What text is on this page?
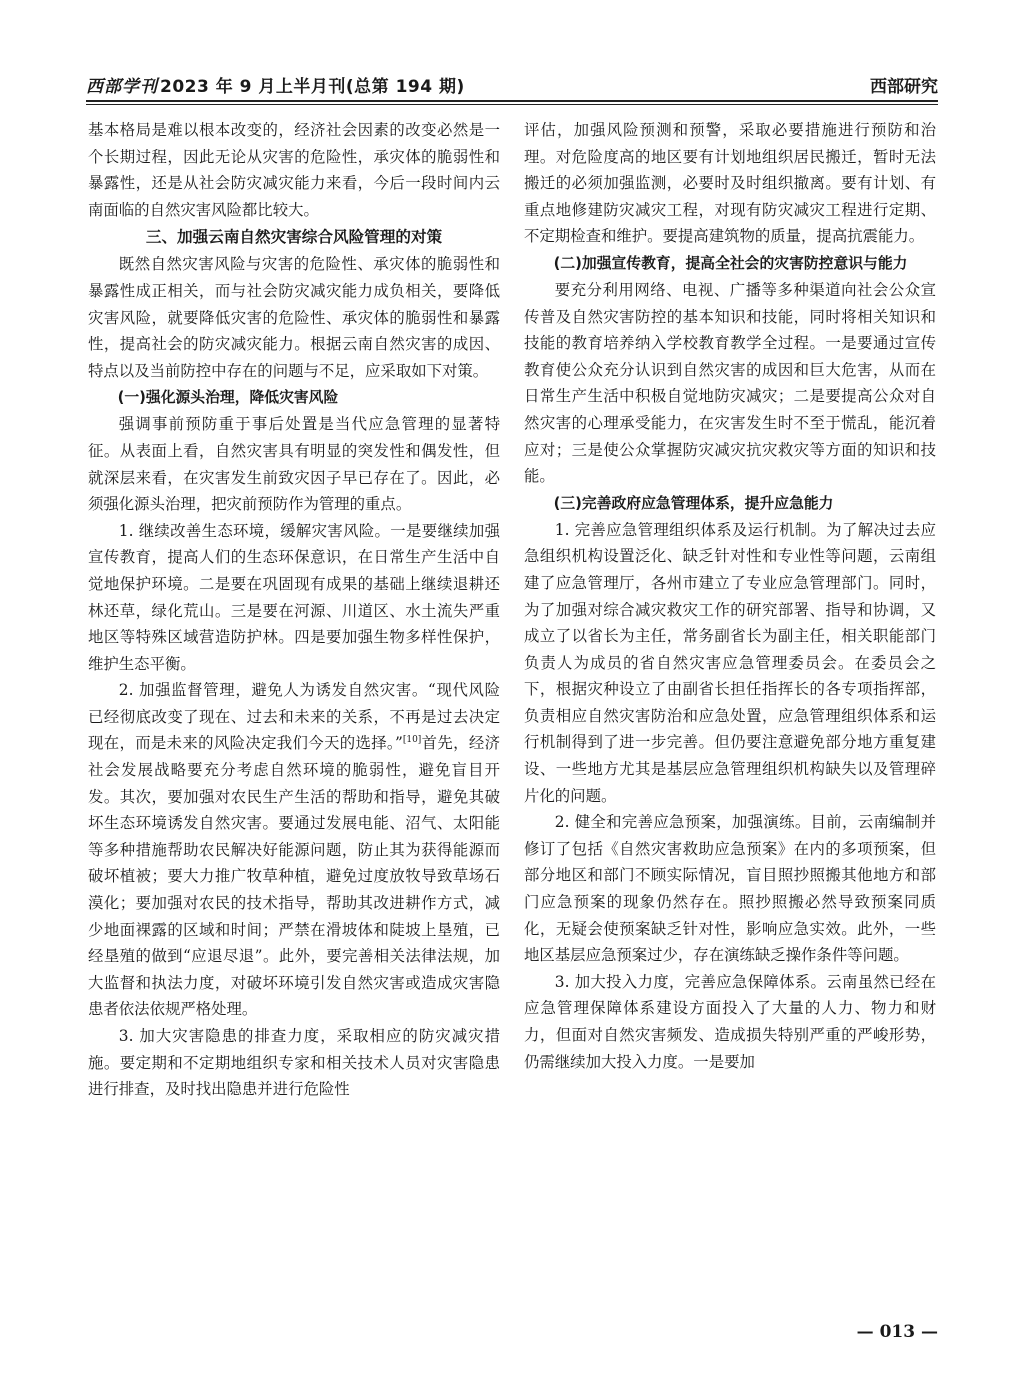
西部学刊 2023 年 9 月上半月刊(总第 194 期)	西部研究

基本格局是难以根本改变的，经济社会因素的改变必然是一个长期过程，因此无论从灾害的危险性，承灾体的脆弱性和暴露性，还是从社会防灾减灾能力来看，今后一段时间内云南面临的自然灾害风险都比较大。

三、加强云南自然灾害综合风险管理的对策

既然自然灾害风险与灾害的危险性、承灾体的脆弱性和暴露性成正相关，而与社会防灾减灾能力成负相关，要降低灾害风险，就要降低灾害的危险性、承灾体的脆弱性和暴露性，提高社会的防灾减灾能力。根据云南自然灾害的成因、特点以及当前防控中存在的问题与不足，应采取如下对策。

(一)强化源头治理，降低灾害风险

强调事前预防重于事后处置是当代应急管理的显著特征。从表面上看，自然灾害具有明显的突发性和偶发性，但就深层来看，在灾害发生前致灾因子早已存在了。因此，必须强化源头治理，把灾前预防作为管理的重点。

1. 继续改善生态环境，缓解灾害风险。一是要继续加强宣传教育，提高人们的生态环保意识，在日常生产生活中自觉地保护环境。二是要在巩固现有成果的基础上继续退耕还林还草，绿化荒山。三是要在河源、川道区、水土流失严重地区等特殊区域营造防护林。四是要加强生物多样性保护，维护生态平衡。

2. 加强监督管理，避免人为诱发自然灾害。“现代风险已经彻底改变了现在、过去和未来的关系，不再是过去决定现在，而是未来的风险决定我们今天的选择。”[10]首先，经济社会发展战略要充分考虑自然环境的脆弱性，避免盲目开发。其次，要加强对农民生产生活的帮助和指导，避免其破坏生态环境诱发自然灾害。要通过发展电能、沼气、太阳能等多种措施帮助农民解决好能源问题，防止其为获得能源而破坏植被；要大力推广牧草种植，避免过度放牧导致草场石漠化；要加强对农民的技术指导，帮助其改进耕作方式，减少地面裸露的区域和时间；严禁在滑坡体和陡坡上垦殖，已经垦殖的做到“应退尽退”。此外，要完善相关法律法规，加大监督和执法力度，对破坏环境引发自然灾害或造成灾害隐患者依法依规严格处理。

3. 加大灾害隐患的排查力度，采取相应的防灾减灾措施。要定期和不定期地组织专家和相关技术人员对灾害隐患进行排查，及时找出隐患并进行危险性

评估，加强风险预测和预警，采取必要措施进行预防和治理。对危险度高的地区要有计划地组织居民搬迁，暂时无法搬迁的必须加强监测，必要时及时组织撤离。要有计划、有重点地修建防灾减灾工程，对现有防灾减灾工程进行定期、不定期检查和维护。要提高建筑物的质量，提高抗震能力。

(二)加强宣传教育，提高全社会的灾害防控意识与能力

要充分利用网络、电视、广播等多种渠道向社会公众宣传普及自然灾害防控的基本知识和技能，同时将相关知识和技能的教育培养纳入学校教育教学全过程。一是要通过宣传教育使公众充分认识到自然灾害的成因和巨大危害，从而在日常生产生活中积极自觉地防灾减灾；二是要提高公众对自然灾害的心理承受能力，在灾害发生时不至于慌乱，能沉着应对；三是使公众掌握防灾减灾抗灾救灾等方面的知识和技能。

(三)完善政府应急管理体系，提升应急能力

1. 完善应急管理组织体系及运行机制。为了解决过去应急组织机构设置泛化、缺乏针对性和专业性等问题，云南组建了应急管理厅，各州市建立了专业应急管理部门。同时，为了加强对综合减灾救灾工作的研究部署、指导和协调，又成立了以省长为主任，常务副省长为副主任，相关职能部门负责人为成员的省自然灾害应急管理委员会。在委员会之下，根据灾种设立了由副省长担任指挥长的各专项指挥部，负责相应自然灾害防治和应急处置，应急管理组织体系和运行机制得到了进一步完善。但仍要注意避免部分地方重复建设、一些地方尤其是基层应急管理组织机构缺失以及管理碎片化的问题。

2. 健全和完善应急预案，加强演练。目前，云南编制并修订了包括《自然灾害救助应急预案》在内的多项预案，但部分地区和部门不顾实际情况，盲目照抄照搬其他地方和部门应急预案的现象仍然存在。照抄照搬必然导致预案同质化，无疑会使预案缺乏针对性，影响应急实效。此外，一些地区基层应急预案过少，存在演练缺乏操作条件等问题。

3. 加大投入力度，完善应急保障体系。云南虽然已经在应急管理保障体系建设方面投入了大量的人力、物力和财力，但面对自然灾害频发、造成损失特别严重的严峻形势，仍需继续加大投入力度。一是要加

— 013 —
